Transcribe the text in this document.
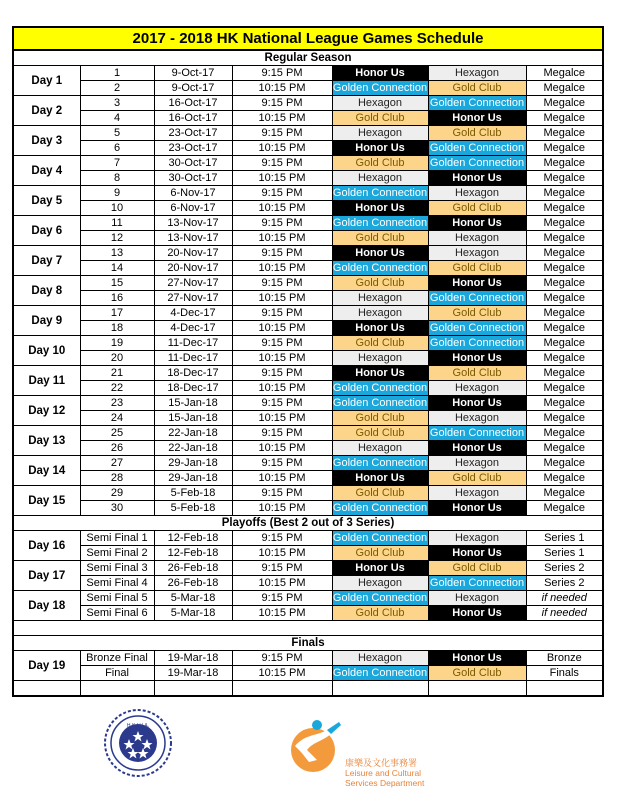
2017 - 2018 HK National League Games Schedule						
Regular Season						
Day 1	1	9-Oct-17	9:15 PM	Honor Us	Hexagon	Megalce
	2	9-Oct-17	10:15 PM	Golden Connection	Gold Club	Megalce
Day 2	3	16-Oct-17	9:15 PM	Hexagon	Golden Connection	Megalce
	4	16-Oct-17	10:15 PM	Gold Club	Honor Us	Megalce
Day 3	5	23-Oct-17	9:15 PM	Hexagon	Gold Club	Megalce
	6	23-Oct-17	10:15 PM	Honor Us	Golden Connection	Megalce
Day 4	7	30-Oct-17	9:15 PM	Gold Club	Golden Connection	Megalce
	8	30-Oct-17	10:15 PM	Hexagon	Honor Us	Megalce
Day 5	9	6-Nov-17	9:15 PM	Golden Connection	Hexagon	Megalce
	10	6-Nov-17	10:15 PM	Honor Us	Gold Club	Megalce
Day 6	11	13-Nov-17	9:15 PM	Golden Connection	Honor Us	Megalce
	12	13-Nov-17	10:15 PM	Gold Club	Hexagon	Megalce
Day 7	13	20-Nov-17	9:15 PM	Honor Us	Hexagon	Megalce
	14	20-Nov-17	10:15 PM	Golden Connection	Gold Club	Megalce
Day 8	15	27-Nov-17	9:15 PM	Gold Club	Honor Us	Megalce
	16	27-Nov-17	10:15 PM	Hexagon	Golden Connection	Megalce
Day 9	17	4-Dec-17	9:15 PM	Hexagon	Gold Club	Megalce
	18	4-Dec-17	10:15 PM	Honor Us	Golden Connection	Megalce
Day 10	19	11-Dec-17	9:15 PM	Gold Club	Golden Connection	Megalce
	20	11-Dec-17	10:15 PM	Hexagon	Honor Us	Megalce
Day 11	21	18-Dec-17	9:15 PM	Honor Us	Gold Club	Megalce
	22	18-Dec-17	10:15 PM	Golden Connection	Hexagon	Megalce
Day 12	23	15-Jan-18	9:15 PM	Golden Connection	Honor Us	Megalce
	24	15-Jan-18	10:15 PM	Gold Club	Hexagon	Megalce
Day 13	25	22-Jan-18	9:15 PM	Gold Club	Golden Connection	Megalce
	26	22-Jan-18	10:15 PM	Hexagon	Honor Us	Megalce
Day 14	27	29-Jan-18	9:15 PM	Golden Connection	Hexagon	Megalce
	28	29-Jan-18	10:15 PM	Honor Us	Gold Club	Megalce
Day 15	29	5-Feb-18	9:15 PM	Gold Club	Hexagon	Megalce
	30	5-Feb-18	10:15 PM	Golden Connection	Honor Us	Megalce
Playoffs (Best 2 out of 3 Series)						
Day 16	Semi Final 1	12-Feb-18	9:15 PM	Golden Connection	Hexagon	Series 1
	Semi Final 2	12-Feb-18	10:15 PM	Gold Club	Honor Us	Series 1
Day 17	Semi Final 3	26-Feb-18	9:15 PM	Honor Us	Gold Club	Series 2
	Semi Final 4	26-Feb-18	10:15 PM	Hexagon	Golden Connection	Series 2
Day 18	Semi Final 5	5-Mar-18	9:15 PM	Golden Connection	Hexagon	if needed
	Semi Final 6	5-Mar-18	10:15 PM	Gold Club	Honor Us	if needed

Finals						
Day 19	Bronze Final	19-Mar-18	9:15 PM	Hexagon	Honor Us	Bronze
	Final	19-Mar-18	10:15 PM	Golden Connection	Gold Club	Finals

H.K.I.H.A.
康樂及文化事務署
Leisure and Cultural
Services Department
